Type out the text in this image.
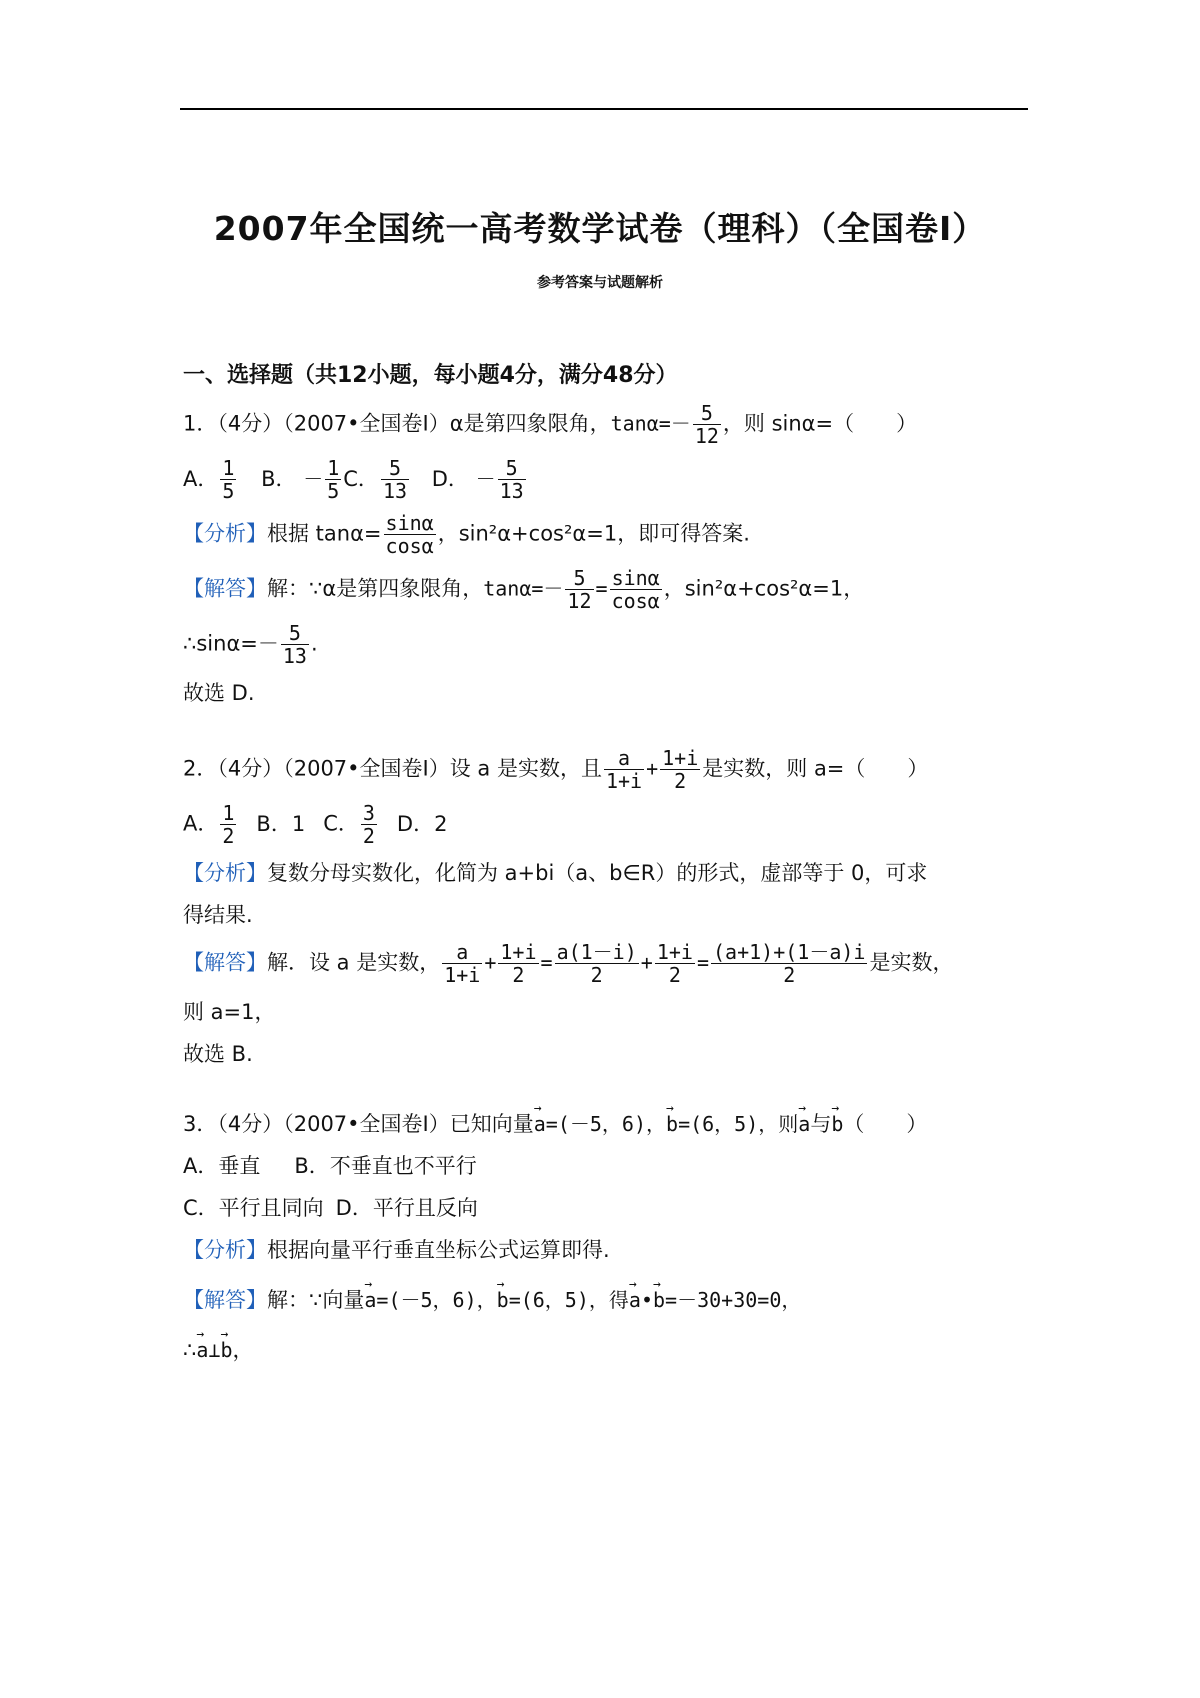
2007年全国统一高考数学试卷（理科）（全国卷Ⅰ）
参考答案与试题解析
一、选择题（共12小题，每小题4分，满分48分）
1．（4分）（2007•全国卷Ⅰ）α是第四象限角，$\tan\alpha=- \frac{5}{12}$ ，则 sinα=（　　）
A． $\frac{1}{5}$ B． － $\frac{1}{5}$ C． $\frac{5}{13}$ D． － $\frac{5}{13}$
【分析】根据 $\tan\alpha= \frac{\sin\alpha}{\cos\alpha}$ ，sin²α+cos²α=1，即可得答案.
【解答】解：∵α是第四象限角，$\tan\alpha=- \frac{5}{12} = \frac{\sin\alpha}{\cos\alpha}$ ，sin²α+cos²α=1，
∴sinα=－ $\frac{5}{13}$ .
故选 D.
2．（4分）（2007•全国卷Ⅰ）设 a 是实数，且 $\frac{a}{1+i} + \frac{1+i}{2}$ 是实数，则 a=（　　）
A． $\frac{1}{2}$ B．1 C． $\frac{3}{2}$ D．2
【分析】复数分母实数化，化简为 a+bi（a、b∈R）的形式，虚部等于 0，可求
得结果.
【解答】解．设 a 是实数， $\frac{a}{1+i} + \frac{1+i}{2} = \frac{a(1-i)}{2} + \frac{1+i}{2} = \frac{(a+1)+(1-a)i}{2}$ 是实数，
则 a=1，
故选 B.
3．（4分）（2007•全国卷Ⅰ）已知向量→ a=(－5，6)，→ b=(6，5)，则→ a与→ b（　　）
A．垂直 B．不垂直也不平行
C．平行且同向 D．平行且反向
【分析】根据向量平行垂直坐标公式运算即得.
【解答】解：∵向量→ a=(－5，6)，→ b=(6，5)，得→ a•→ b=－30+30=0，
∴→ a⊥→ b，
